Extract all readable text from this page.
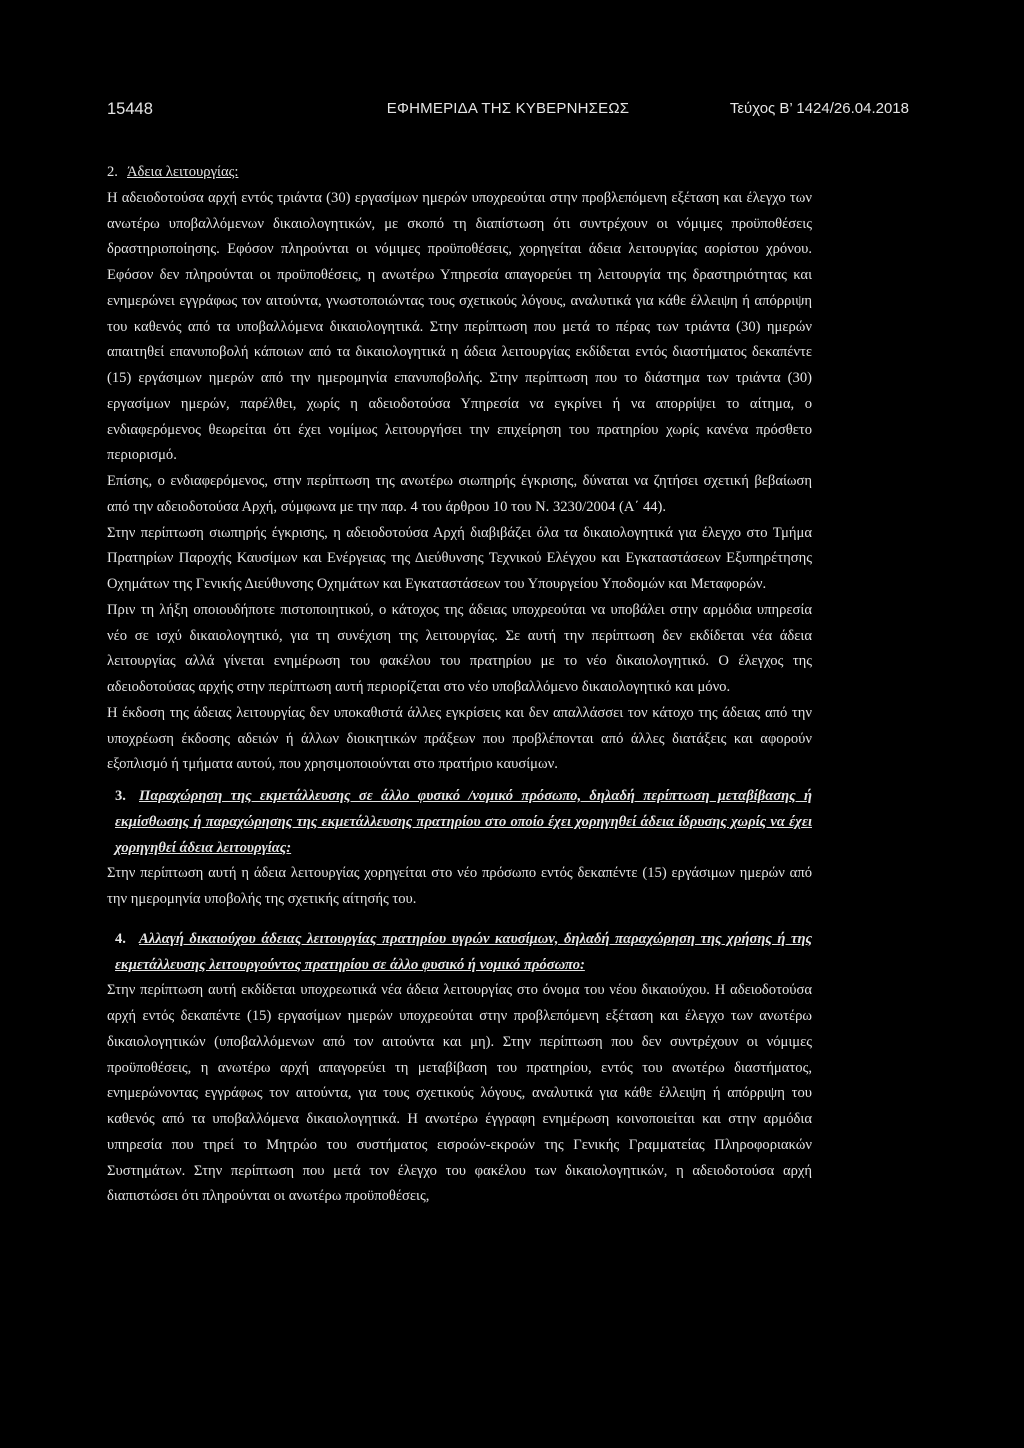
15448	ΕΦΗΜΕΡΙΔΑ ΤΗΣ ΚΥΒΕΡΝΗΣΕΩΣ	Τεύχος Β’ 1424/26.04.2018

2. Άδεια λειτουργίας:

Η αδειοδοτούσα αρχή εντός τριάντα (30) εργασίμων ημερών υποχρεούται στην προβλεπόμενη εξέταση και έλεγχο των ανωτέρω υποβαλλόμενων δικαιολογητικών, με σκοπό τη διαπίστωση ότι συντρέχουν οι νόμιμες προϋποθέσεις δραστηριοποίησης. Εφόσον πληρούνται οι νόμιμες προϋποθέσεις, χορηγείται άδεια λειτουργίας αορίστου χρόνου. Εφόσον δεν πληρούνται οι προϋποθέσεις, η ανωτέρω Υπηρεσία απαγορεύει τη λειτουργία της δραστηριότητας και ενημερώνει εγγράφως τον αιτούντα, γνωστοποιώντας τους σχετικούς λόγους, αναλυτικά για κάθε έλλειψη ή απόρριψη του καθενός από τα υποβαλλόμενα δικαιολογητικά. Στην περίπτωση που μετά το πέρας των τριάντα (30) ημερών απαιτηθεί επανυποβολή κάποιων από τα δικαιολογητικά η άδεια λειτουργίας εκδίδεται εντός διαστήματος δεκαπέντε (15) εργάσιμων ημερών από την ημερομηνία επανυποβολής. Στην περίπτωση που το διάστημα των τριάντα (30) εργασίμων ημερών, παρέλθει, χωρίς η αδειοδοτούσα Υπηρεσία να εγκρίνει ή να απορρίψει το αίτημα, ο ενδιαφερόμενος θεωρείται ότι έχει νομίμως λειτουργήσει την επιχείρηση του πρατηρίου χωρίς κανένα πρόσθετο περιορισμό.

Επίσης, ο ενδιαφερόμενος, στην περίπτωση της ανωτέρω σιωπηρής έγκρισης, δύναται να ζητήσει σχετική βεβαίωση από την αδειοδοτούσα Αρχή, σύμφωνα με την παρ. 4 του άρθρου 10 του Ν. 3230/2004 (Α΄ 44).

Στην περίπτωση σιωπηρής έγκρισης, η αδειοδοτούσα Αρχή διαβιβάζει όλα τα δικαιολογητικά για έλεγχο στο Τμήμα Πρατηρίων Παροχής Καυσίμων και Ενέργειας της Διεύθυνσης Τεχνικού Ελέγχου και Εγκαταστάσεων Εξυπηρέτησης Οχημάτων της Γενικής Διεύθυνσης Οχημάτων και Εγκαταστάσεων του Υπουργείου Υποδομών και Μεταφορών.

Πριν τη λήξη οποιουδήποτε πιστοποιητικού, ο κάτοχος της άδειας υποχρεούται να υποβάλει στην αρμόδια υπηρεσία νέο σε ισχύ δικαιολογητικό, για τη συνέχιση της λειτουργίας. Σε αυτή την περίπτωση δεν εκδίδεται νέα άδεια λειτουργίας αλλά γίνεται ενημέρωση του φακέλου του πρατηρίου με το νέο δικαιολογητικό. Ο έλεγχος της αδειοδοτούσας αρχής στην περίπτωση αυτή περιορίζεται στο νέο υποβαλλόμενο δικαιολογητικό και μόνο.

Η έκδοση της άδειας λειτουργίας δεν υποκαθιστά άλλες εγκρίσεις και δεν απαλλάσσει τον κάτοχο της άδειας από την υποχρέωση έκδοσης αδειών ή άλλων διοικητικών πράξεων που προβλέπονται από άλλες διατάξεις και αφορούν εξοπλισμό ή τμήματα αυτού, που χρησιμοποιούνται στο πρατήριο καυσίμων.

3. Παραχώρηση της εκμετάλλευσης σε άλλο φυσικό /νομικό πρόσωπο, δηλαδή περίπτωση μεταβίβασης ή εκμίσθωσης ή παραχώρησης της εκμετάλλευσης πρατηρίου στο οποίο έχει χορηγηθεί άδεια ίδρυσης χωρίς να έχει χορηγηθεί άδεια λειτουργίας:

Στην περίπτωση αυτή η άδεια λειτουργίας χορηγείται στο νέο πρόσωπο εντός δεκαπέντε (15) εργάσιμων ημερών από την ημερομηνία υποβολής της σχετικής αίτησής του.

4. Αλλαγή δικαιούχου άδειας λειτουργίας πρατηρίου υγρών καυσίμων, δηλαδή παραχώρηση της χρήσης ή της εκμετάλλευσης λειτουργούντος πρατηρίου σε άλλο φυσικό ή νομικό πρόσωπο:

Στην περίπτωση αυτή εκδίδεται υποχρεωτικά νέα άδεια λειτουργίας στο όνομα του νέου δικαιούχου. Η αδειοδοτούσα αρχή εντός δεκαπέντε (15) εργασίμων ημερών υποχρεούται στην προβλεπόμενη εξέταση και έλεγχο των ανωτέρω δικαιολογητικών (υποβαλλόμενων από τον αιτούντα και μη). Στην περίπτωση που δεν συντρέχουν οι νόμιμες προϋποθέσεις, η ανωτέρω αρχή απαγορεύει τη μεταβίβαση του πρατηρίου, εντός του ανωτέρω διαστήματος, ενημερώνοντας εγγράφως τον αιτούντα, για τους σχετικούς λόγους, αναλυτικά για κάθε έλλειψη ή απόρριψη του καθενός από τα υποβαλλόμενα δικαιολογητικά. Η ανωτέρω έγγραφη ενημέρωση κοινοποιείται και στην αρμόδια υπηρεσία που τηρεί το Μητρώο του συστήματος εισροών-εκροών της Γενικής Γραμματείας Πληροφοριακών Συστημάτων. Στην περίπτωση που μετά τον έλεγχο του φακέλου των δικαιολογητικών, η αδειοδοτούσα αρχή διαπιστώσει ότι πληρούνται οι ανωτέρω προϋποθέσεις,
